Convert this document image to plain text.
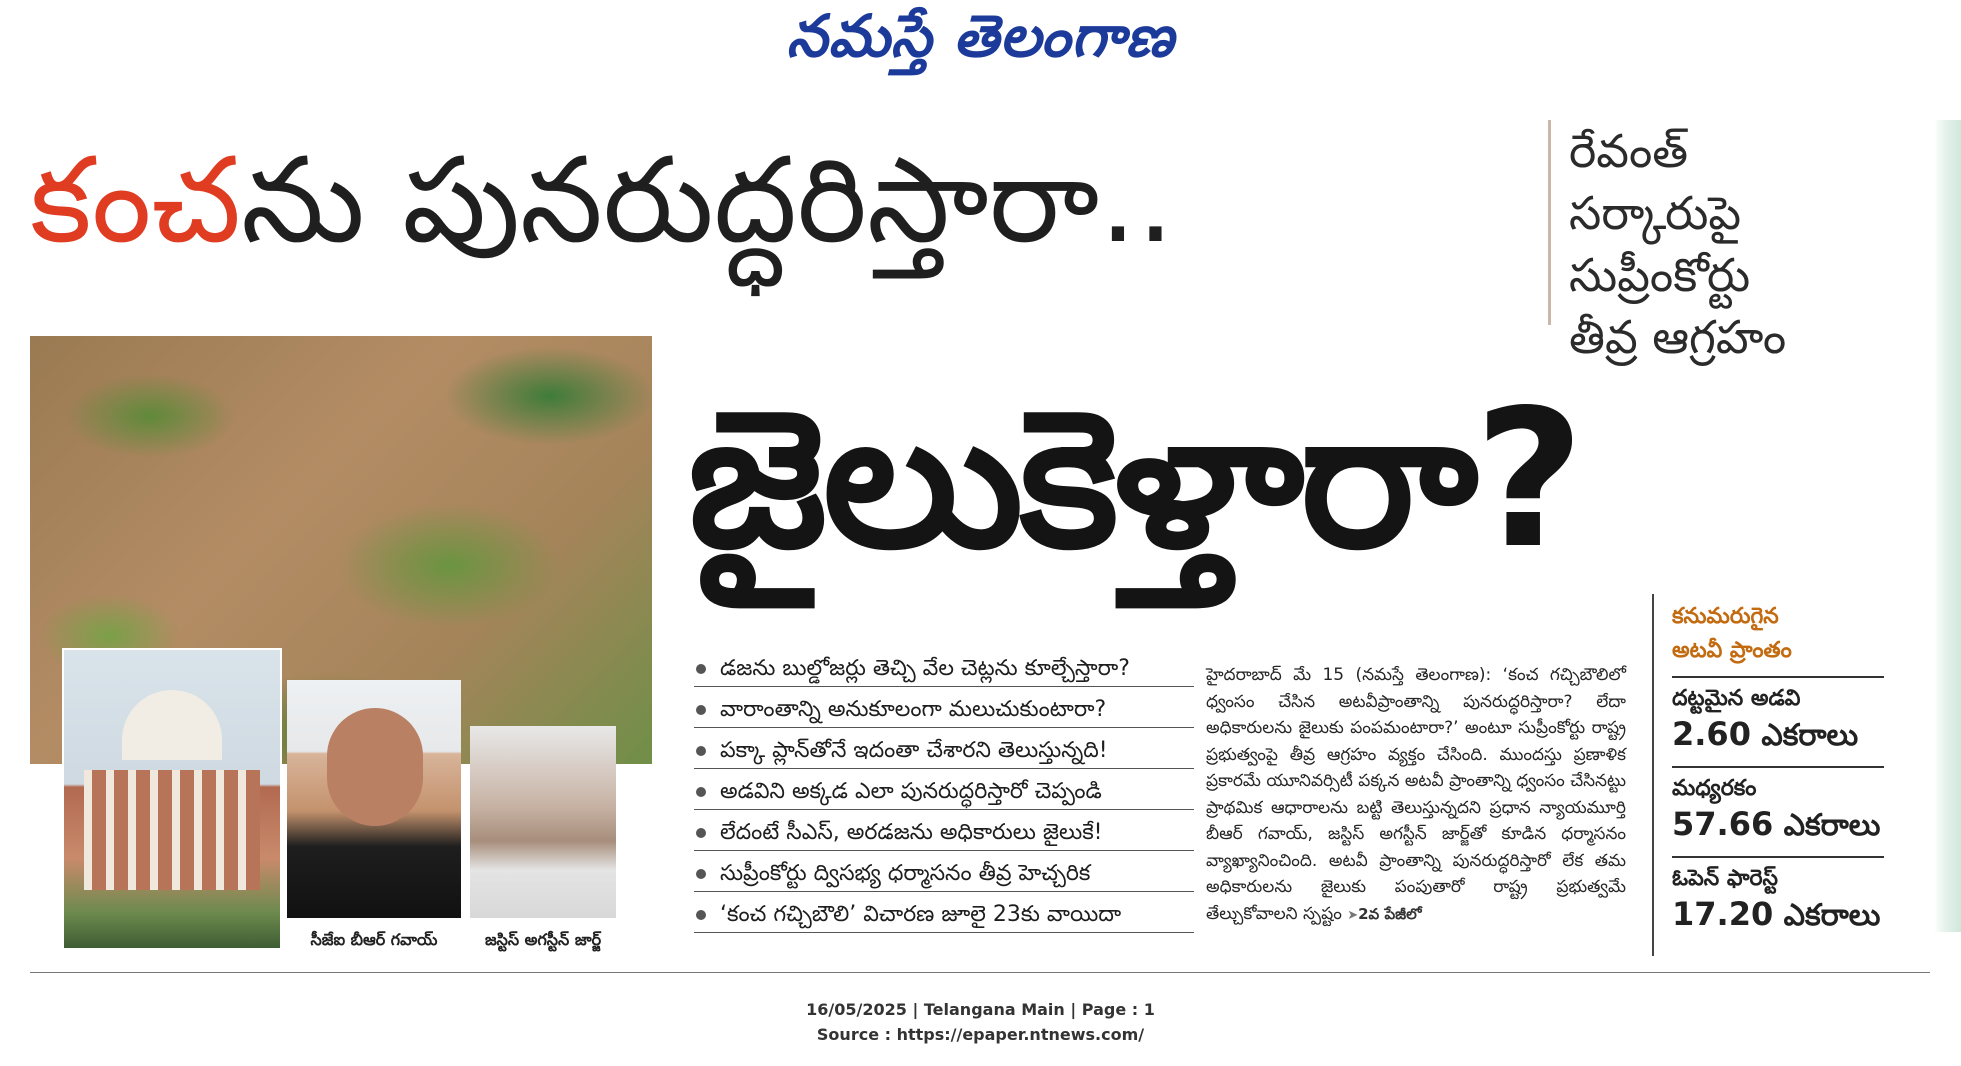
నమస్తే తెలంగాణ
కంచను పునరుద్ధరిస్తారా..	రేవంత్ సర్కారుపై
సుప్రీంకోర్టు
తీవ్ర ఆగ్రహం
జైలుకెళ్తారా?
సీజేఐ బీఆర్ గవాయ్	జస్టిస్ అగస్టీన్ జార్జ్
డజను బుల్డోజర్లు తెచ్చి వేల చెట్లను కూల్చేస్తారా?
వారాంతాన్ని అనుకూలంగా మలుచుకుంటారా?
పక్కా ప్లాన్‌తోనే ఇదంతా చేశారని తెలుస్తున్నది!
అడవిని అక్కడ ఎలా పునరుద్ధరిస్తారో చెప్పండి
లేదంటే సీఎస్, అరడజను అధికారులు జైలుకే!
సుప్రీంకోర్టు ద్విసభ్య ధర్మాసనం తీవ్ర హెచ్చరిక
‘కంచ గచ్చిబౌలి’ విచారణ జూలై 23కు వాయిదా
హైదరాబాద్ మే 15 (నమస్తే తెలంగాణ): ‘కంచ గచ్చిబౌలిలో ధ్వంసం చేసిన అటవీప్రాంతాన్ని పునరుద్ధరిస్తారా? లేదా అధికారులను జైలుకు పంపమంటారా?’ అంటూ సుప్రీంకోర్టు రాష్ట్ర ప్రభుత్వంపై తీవ్ర ఆగ్రహం వ్యక్తం చేసింది. ముందస్తు ప్రణాళిక ప్రకారమే యూనివర్సిటీ పక్కన అటవీ ప్రాంతాన్ని ధ్వంసం చేసినట్టు ప్రాథమిక ఆధారాలను బట్టి తెలుస్తున్నదని ప్రధాన న్యాయమూర్తి బీఆర్ గవాయ్, జస్టిస్ అగస్టీన్ జార్జ్‌తో కూడిన ధర్మాసనం వ్యాఖ్యానించింది. అటవీ ప్రాంతాన్ని పునరుద్ధరిస్తారో లేక తమ అధికారులను జైలుకు పంపుతారో రాష్ట్ర ప్రభుత్వమే తేల్చుకోవాలని స్పష్టం ➤2వ పేజీలో
కనుమరుగైన
అటవీ ప్రాంతం
దట్టమైన అడవి
2.60 ఎకరాలు
మధ్యరకం
57.66 ఎకరాలు
ఓపెన్ ఫారెస్ట్
17.20 ఎకరాలు
16/05/2025 | Telangana Main | Page : 1
Source : https://epaper.ntnews.com/
